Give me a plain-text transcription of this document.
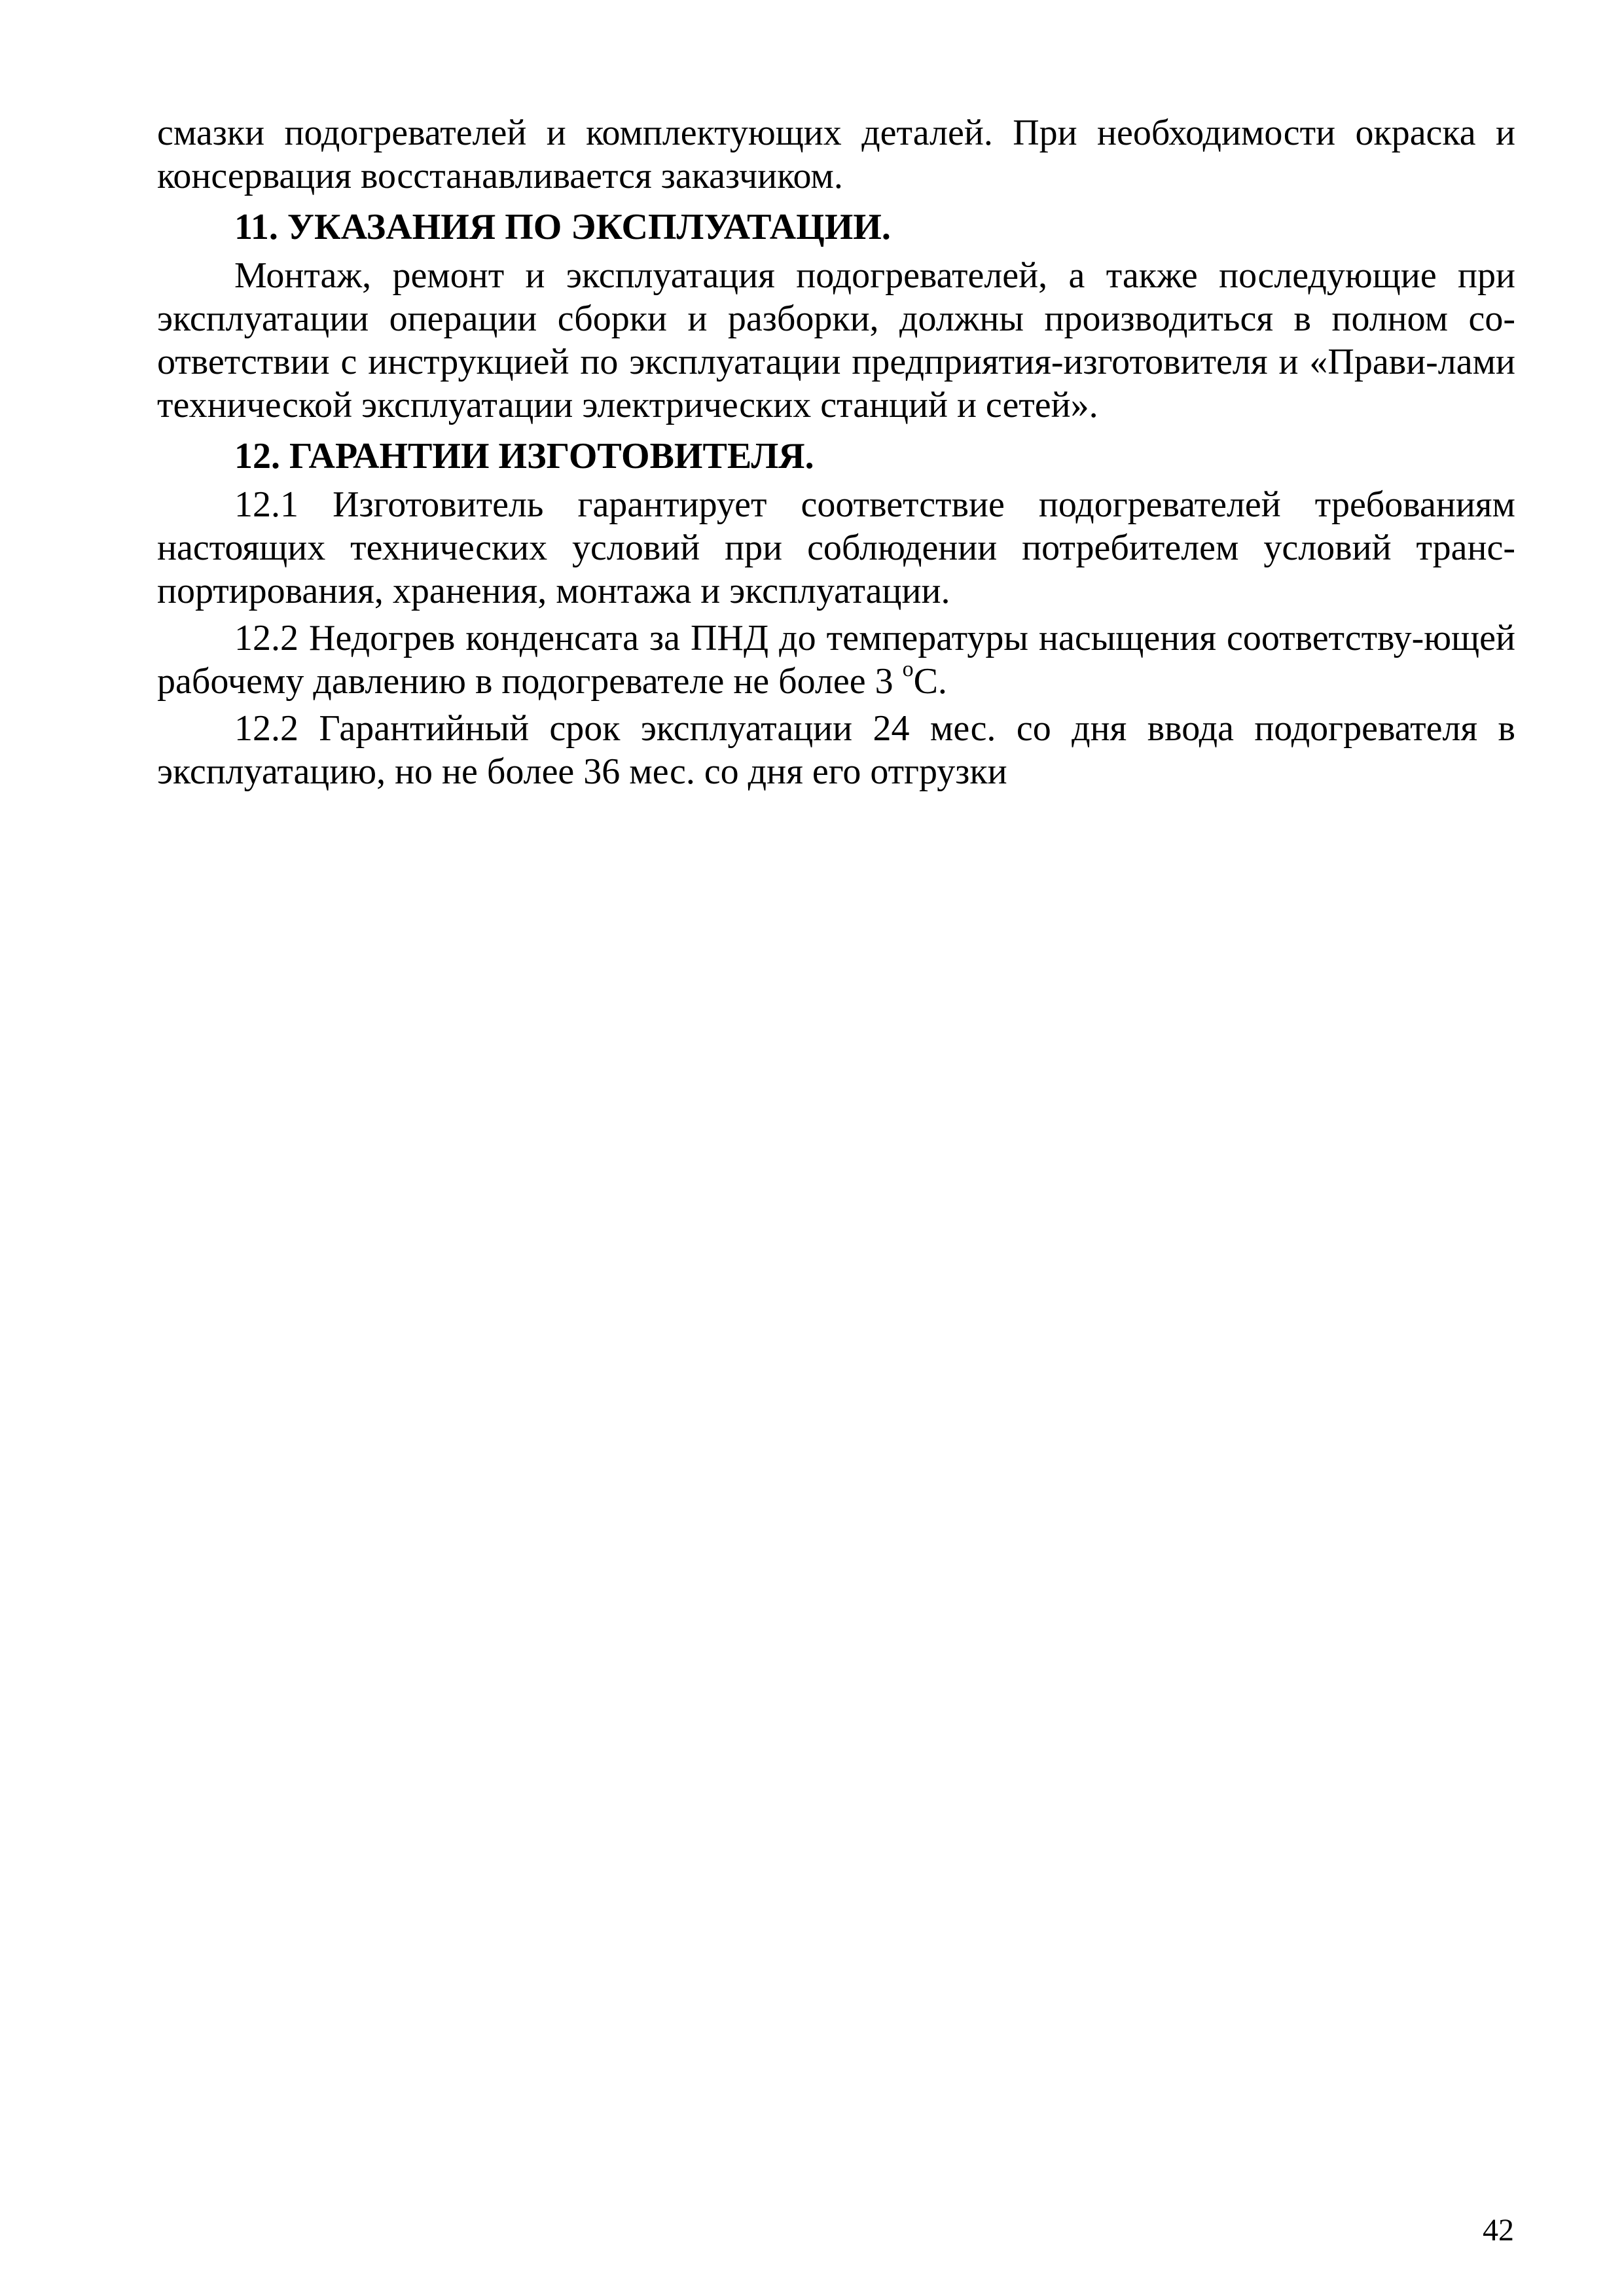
смазки подогревателей и комплектующих деталей. При необходимости окраска и консервация восстанавливается заказчиком.

11. УКАЗАНИЯ ПО ЭКСПЛУАТАЦИИ.

Монтаж, ремонт и эксплуатация подогревателей, а также последующие при эксплуатации операции сборки и разборки, должны производиться в полном со-ответствии с инструкцией по эксплуатации предприятия-изготовителя и «Прави-лами технической эксплуатации электрических станций и сетей».

12. ГАРАНТИИ ИЗГОТОВИТЕЛЯ.

12.1 Изготовитель гарантирует соответствие подогревателей требованиям настоящих технических условий при соблюдении потребителем условий транс-портирования, хранения, монтажа и эксплуатации.

12.2 Недогрев конденсата за ПНД до температуры насыщения соответству-ющей рабочему давлению в подогревателе не более 3 $^o$С.

12.2 Гарантийный срок эксплуатации 24 мес. со дня ввода подогревателя в эксплуатацию, но не более 36 мес. со дня его отгрузки

42
